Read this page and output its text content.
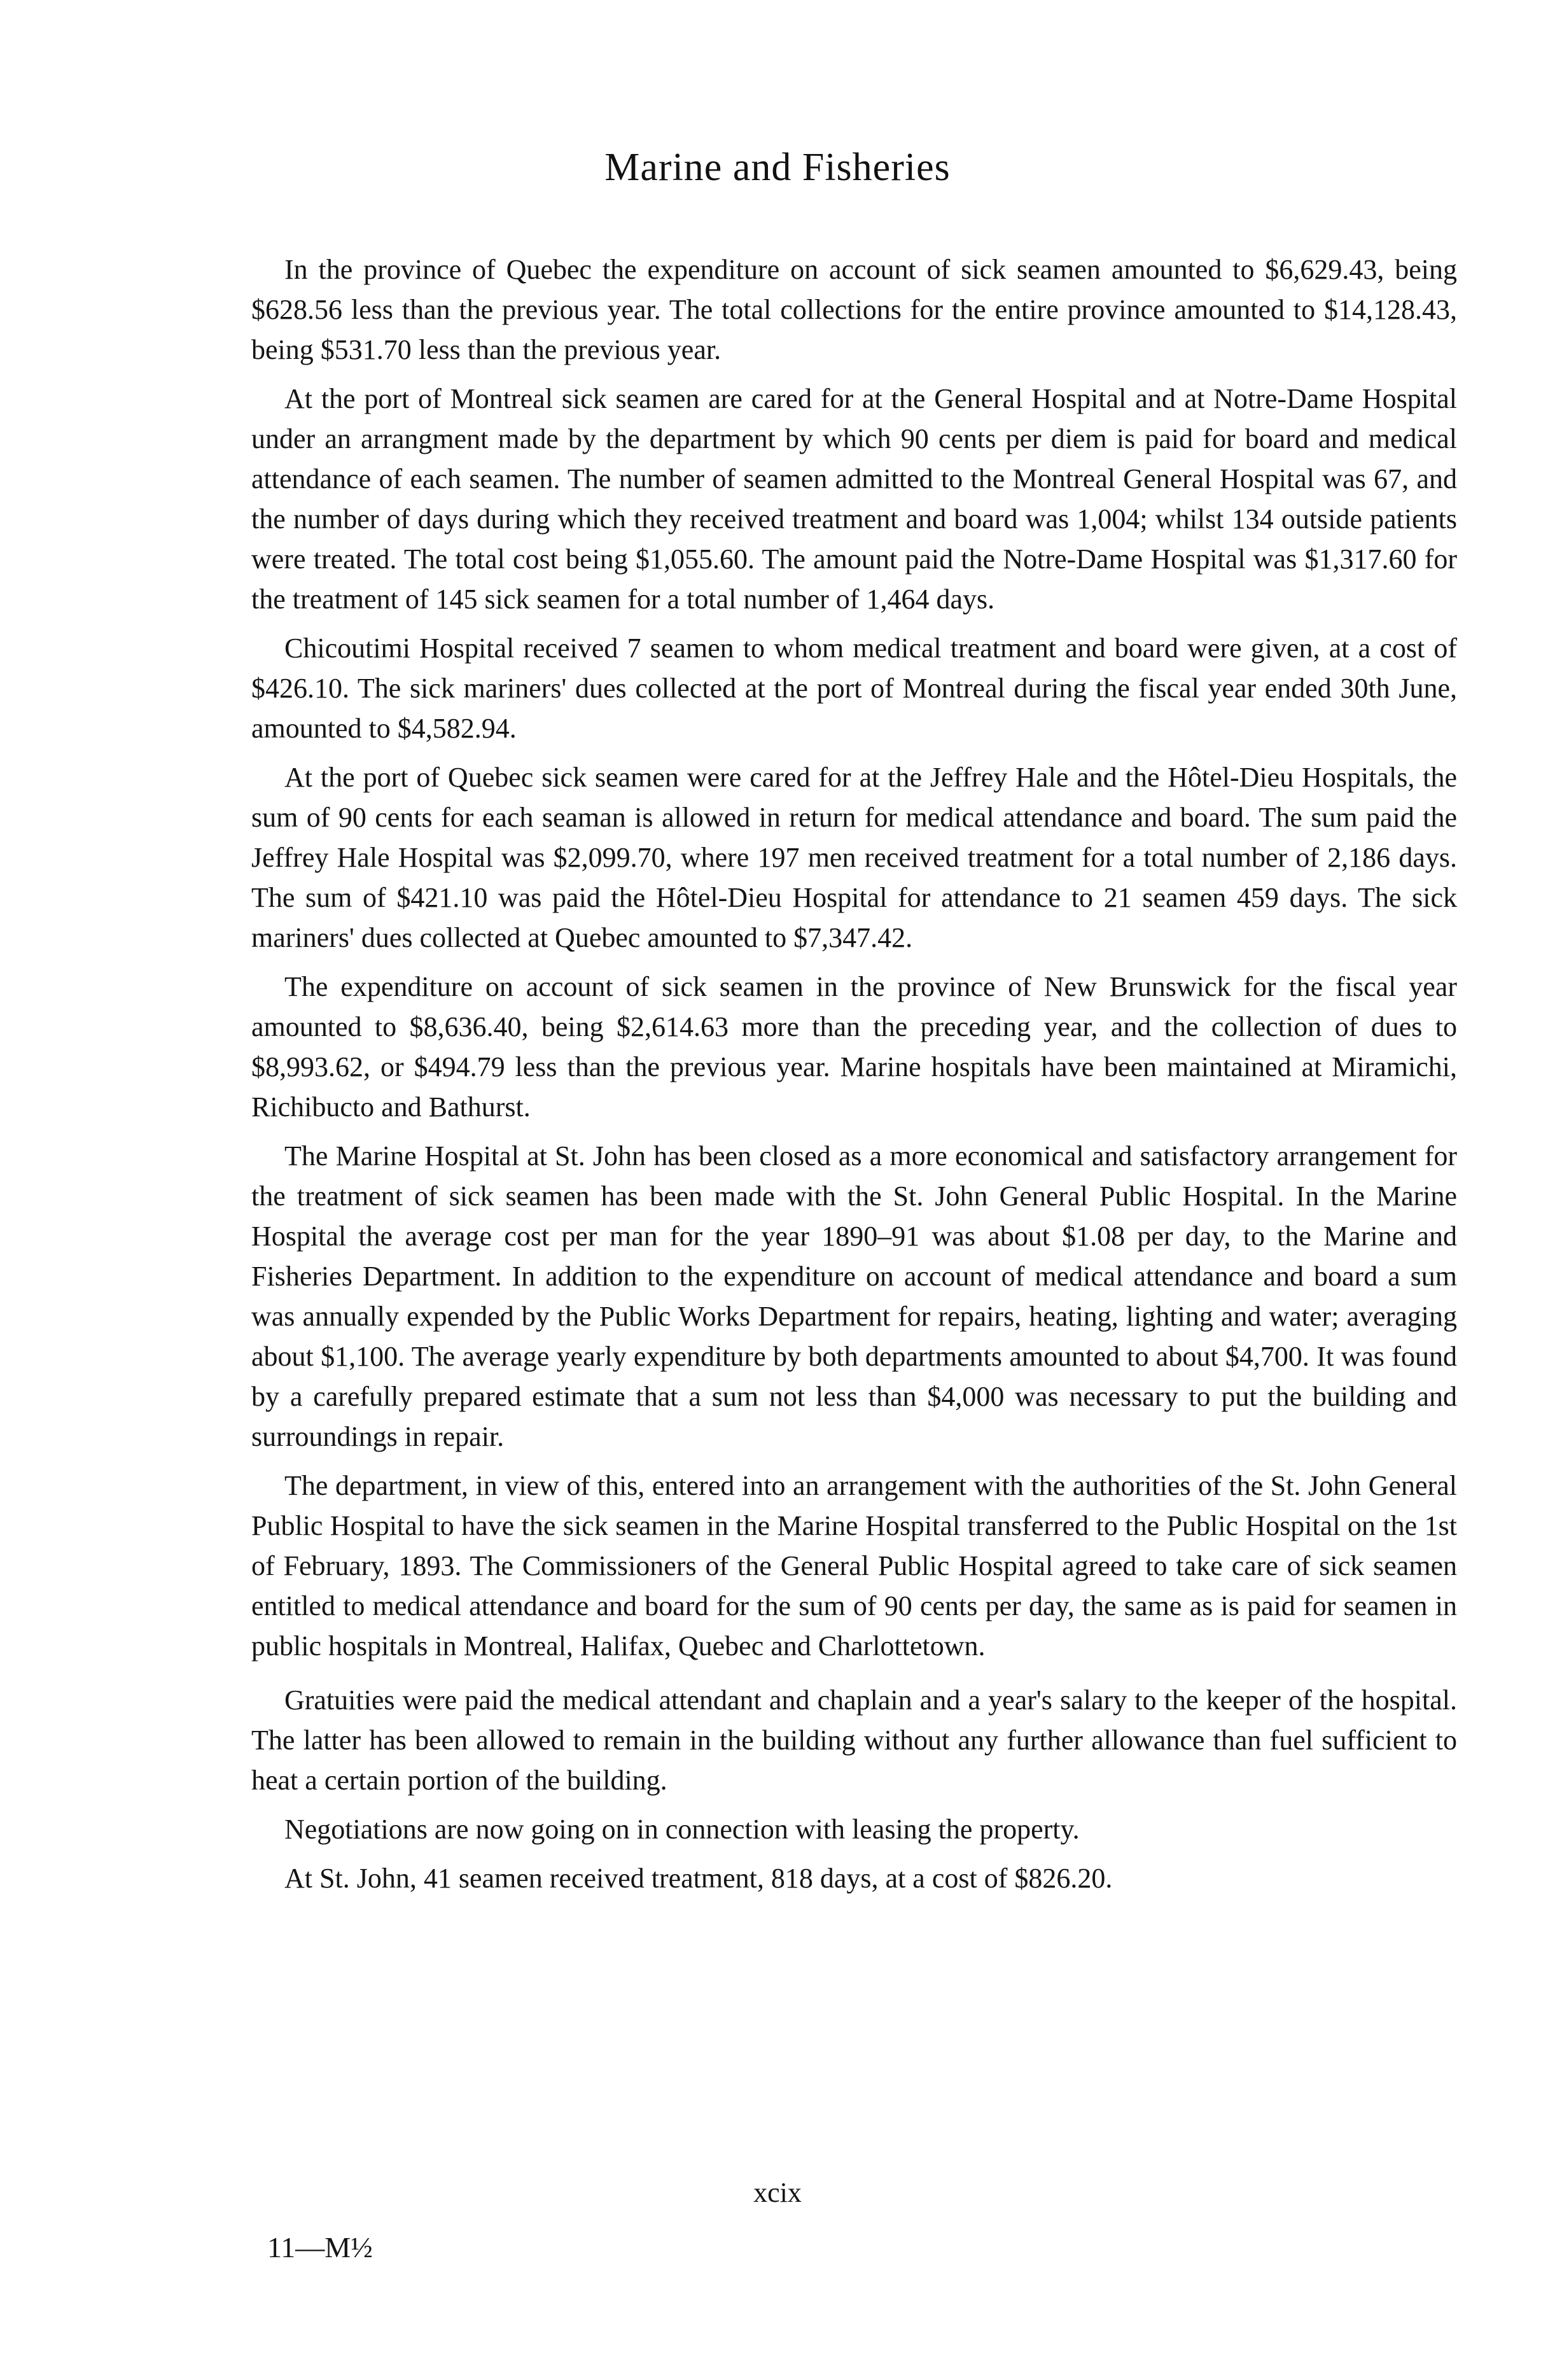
Marine and Fisheries

In the province of Quebec the expenditure on account of sick seamen amounted to $6,629.43, being $628.56 less than the previous year. The total collections for the entire province amounted to $14,128.43, being $531.70 less than the previous year.

At the port of Montreal sick seamen are cared for at the General Hospital and at Notre-Dame Hospital under an arrangment made by the department by which 90 cents per diem is paid for board and medical attendance of each seamen. The number of seamen admitted to the Montreal General Hospital was 67, and the number of days during which they received treatment and board was 1,004; whilst 134 outside patients were treated. The total cost being $1,055.60. The amount paid the Notre-Dame Hospital was $1,317.60 for the treatment of 145 sick seamen for a total number of 1,464 days.

Chicoutimi Hospital received 7 seamen to whom medical treatment and board were given, at a cost of $426.10. The sick mariners' dues collected at the port of Montreal during the fiscal year ended 30th June, amounted to $4,582.94.

At the port of Quebec sick seamen were cared for at the Jeffrey Hale and the Hôtel-Dieu Hospitals, the sum of 90 cents for each seaman is allowed in return for medical attendance and board. The sum paid the Jeffrey Hale Hospital was $2,099.70, where 197 men received treatment for a total number of 2,186 days. The sum of $421.10 was paid the Hôtel-Dieu Hospital for attendance to 21 seamen 459 days. The sick mariners' dues collected at Quebec amounted to $7,347.42.

The expenditure on account of sick seamen in the province of New Brunswick for the fiscal year amounted to $8,636.40, being $2,614.63 more than the preceding year, and the collection of dues to $8,993.62, or $494.79 less than the previous year. Marine hospitals have been maintained at Miramichi, Richibucto and Bathurst.

The Marine Hospital at St. John has been closed as a more economical and satisfactory arrangement for the treatment of sick seamen has been made with the St. John General Public Hospital. In the Marine Hospital the average cost per man for the year 1890–91 was about $1.08 per day, to the Marine and Fisheries Department. In addition to the expenditure on account of medical attendance and board a sum was annually expended by the Public Works Department for repairs, heating, lighting and water; averaging about $1,100. The average yearly expenditure by both departments amounted to about $4,700. It was found by a carefully prepared estimate that a sum not less than $4,000 was necessary to put the building and surroundings in repair.

The department, in view of this, entered into an arrangement with the authorities of the St. John General Public Hospital to have the sick seamen in the Marine Hospital transferred to the Public Hospital on the 1st of February, 1893. The Commissioners of the General Public Hospital agreed to take care of sick seamen entitled to medical attendance and board for the sum of 90 cents per day, the same as is paid for seamen in public hospitals in Montreal, Halifax, Quebec and Charlottetown.

Gratuities were paid the medical attendant and chaplain and a year's salary to the keeper of the hospital. The latter has been allowed to remain in the building without any further allowance than fuel sufficient to heat a certain portion of the building.

Negotiations are now going on in connection with leasing the property.

At St. John, 41 seamen received treatment, 818 days, at a cost of $826.20.

xcix
11—M½
